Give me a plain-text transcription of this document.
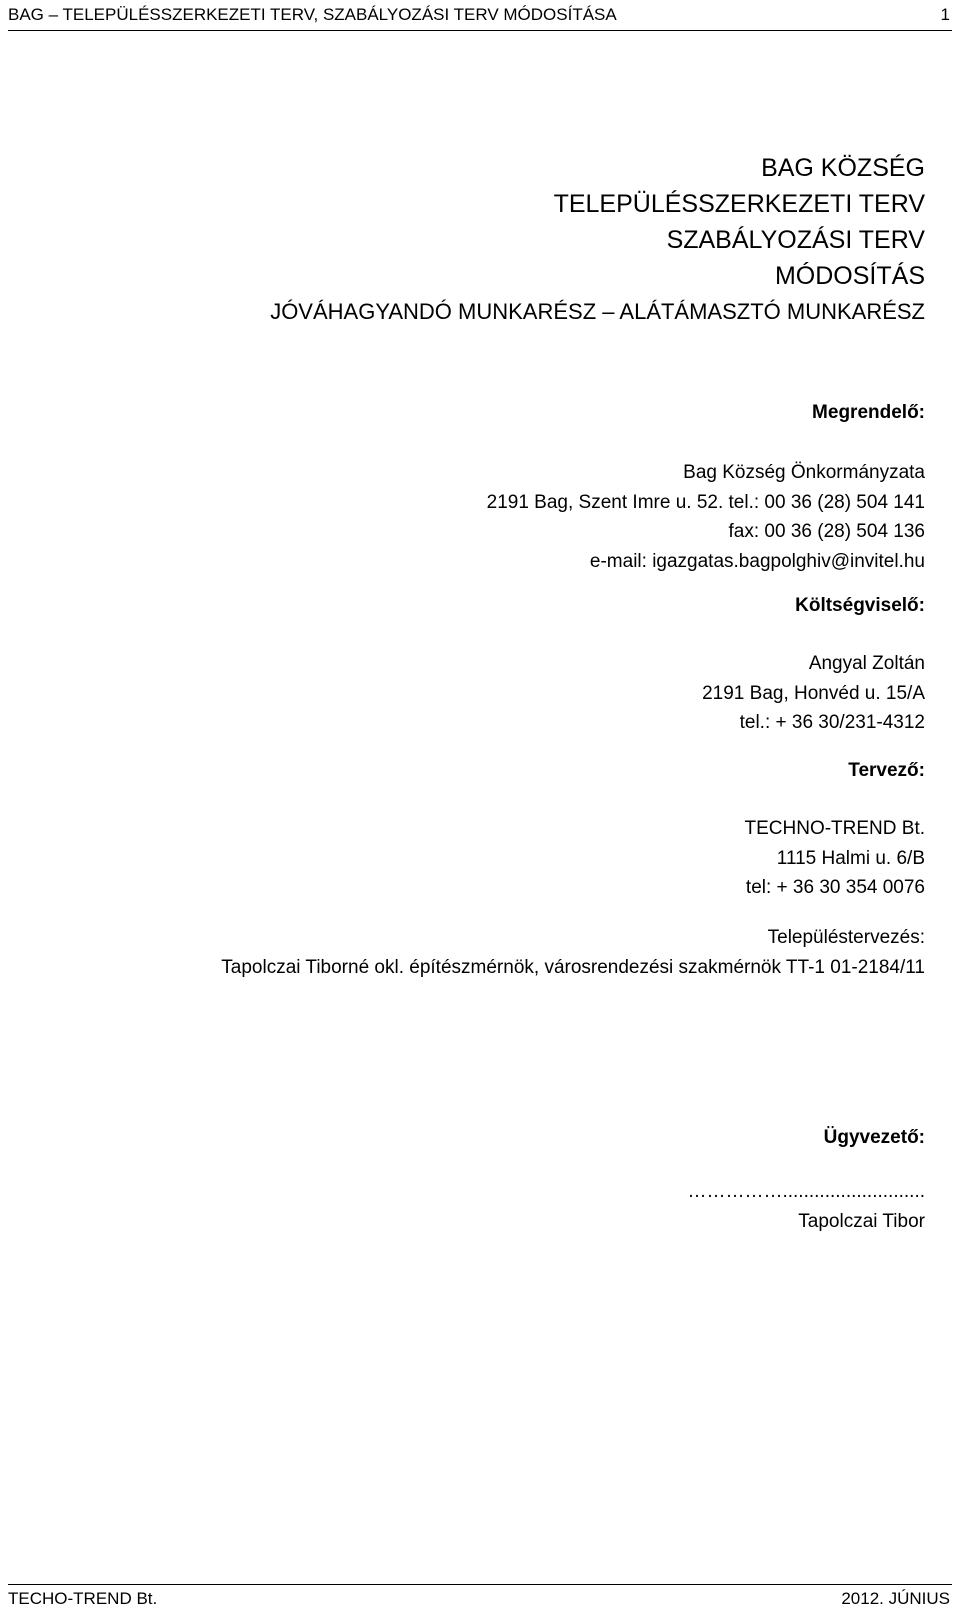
BAG – TELEPÜLÉSSZERKEZETI TERV, SZABÁLYOZÁSI TERV MÓDOSÍTÁSA	1
BAG KÖZSÉG
TELEPÜLÉSSZERKEZETI TERV
SZABÁLYOZÁSI TERV
MÓDOSÍTÁS
JÓVÁHAGYANDÓ MUNKARÉSZ – ALÁTÁMASZTÓ MUNKARÉSZ
Megrendelő:
Bag Község Önkormányzata
2191 Bag, Szent Imre u. 52. tel.: 00 36 (28) 504 141
fax: 00 36 (28) 504 136
e-mail: igazgatas.bagpolghiv@invitel.hu
Költségviselő:
Angyal Zoltán
2191 Bag, Honvéd u. 15/A
tel.: + 36 30/231-4312
Tervező:
TECHNO-TREND Bt.
1115 Halmi u. 6/B
tel: + 36 30 354 0076
Településtervezés:
Tapolczai Tiborné okl. építészmérnök, városrendezési szakmérnök TT-1 01-2184/11
Ügyvezető:
……………...........................
Tapolczai Tibor
TECHO-TREND Bt.	2012. JÚNIUS
